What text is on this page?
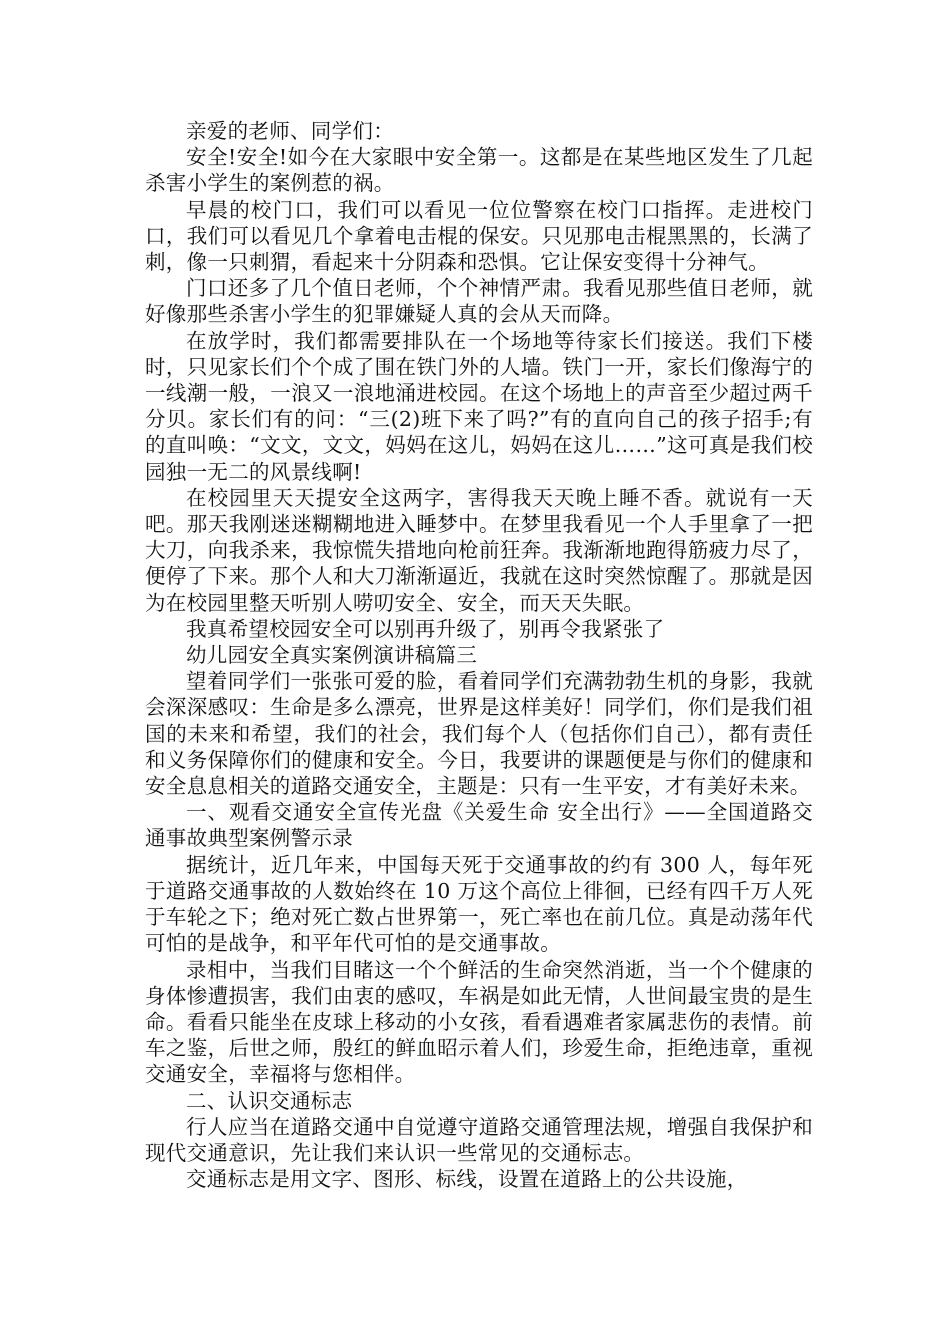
亲爱的老师、同学们：

安全!安全!如今在大家眼中安全第一。这都是在某些地区发生了几起杀害小学生的案例惹的祸。

早晨的校门口，我们可以看见一位位警察在校门口指挥。走进校门口，我们可以看见几个拿着电击棍的保安。只见那电击棍黑黑的，长满了刺，像一只刺猬，看起来十分阴森和恐惧。它让保安变得十分神气。

门口还多了几个值日老师，个个神情严肃。我看见那些值日老师，就好像那些杀害小学生的犯罪嫌疑人真的会从天而降。

在放学时，我们都需要排队在一个场地等待家长们接送。我们下楼时，只见家长们个个成了围在铁门外的人墙。铁门一开，家长们像海宁的一线潮一般，一浪又一浪地涌进校园。在这个场地上的声音至少超过两千分贝。家长们有的问：“三(2)班下来了吗?”有的直向自己的孩子招手;有的直叫唤：“文文，文文，妈妈在这儿，妈妈在这儿……”这可真是我们校园独一无二的风景线啊!

在校园里天天提安全这两字，害得我天天晚上睡不香。就说有一天吧。那天我刚迷迷糊糊地进入睡梦中。在梦里我看见一个人手里拿了一把大刀，向我杀来，我惊慌失措地向枪前狂奔。我渐渐地跑得筋疲力尽了，便停了下来。那个人和大刀渐渐逼近，我就在这时突然惊醒了。那就是因为在校园里整天听别人唠叨安全、安全，而天天失眠。

我真希望校园安全可以别再升级了，别再令我紧张了

幼儿园安全真实案例演讲稿篇三

望着同学们一张张可爱的脸，看着同学们充满勃勃生机的身影，我就会深深感叹：生命是多么漂亮，世界是这样美好！同学们，你们是我们祖国的未来和希望，我们的社会，我们每个人（包括你们自己），都有责任和义务保障你们的健康和安全。今日，我要讲的课题便是与你们的健康和安全息息相关的道路交通安全，主题是：只有一生平安，才有美好未来。

一、观看交通安全宣传光盘《关爱生命 安全出行》——全国道路交通事故典型案例警示录

据统计，近几年来，中国每天死于交通事故的约有 300 人，每年死于道路交通事故的人数始终在 10 万这个高位上徘徊，已经有四千万人死于车轮之下；绝对死亡数占世界第一，死亡率也在前几位。真是动荡年代可怕的是战争，和平年代可怕的是交通事故。

录相中，当我们目睹这一个个鲜活的生命突然消逝，当一个个健康的身体惨遭损害，我们由衷的感叹，车祸是如此无情，人世间最宝贵的是生命。看看只能坐在皮球上移动的小女孩，看看遇难者家属悲伤的表情。前车之鉴，后世之师，殷红的鲜血昭示着人们，珍爱生命，拒绝违章，重视交通安全，幸福将与您相伴。

二、认识交通标志

行人应当在道路交通中自觉遵守道路交通管理法规，增强自我保护和现代交通意识，先让我们来认识一些常见的交通标志。

交通标志是用文字、图形、标线，设置在道路上的公共设施，
